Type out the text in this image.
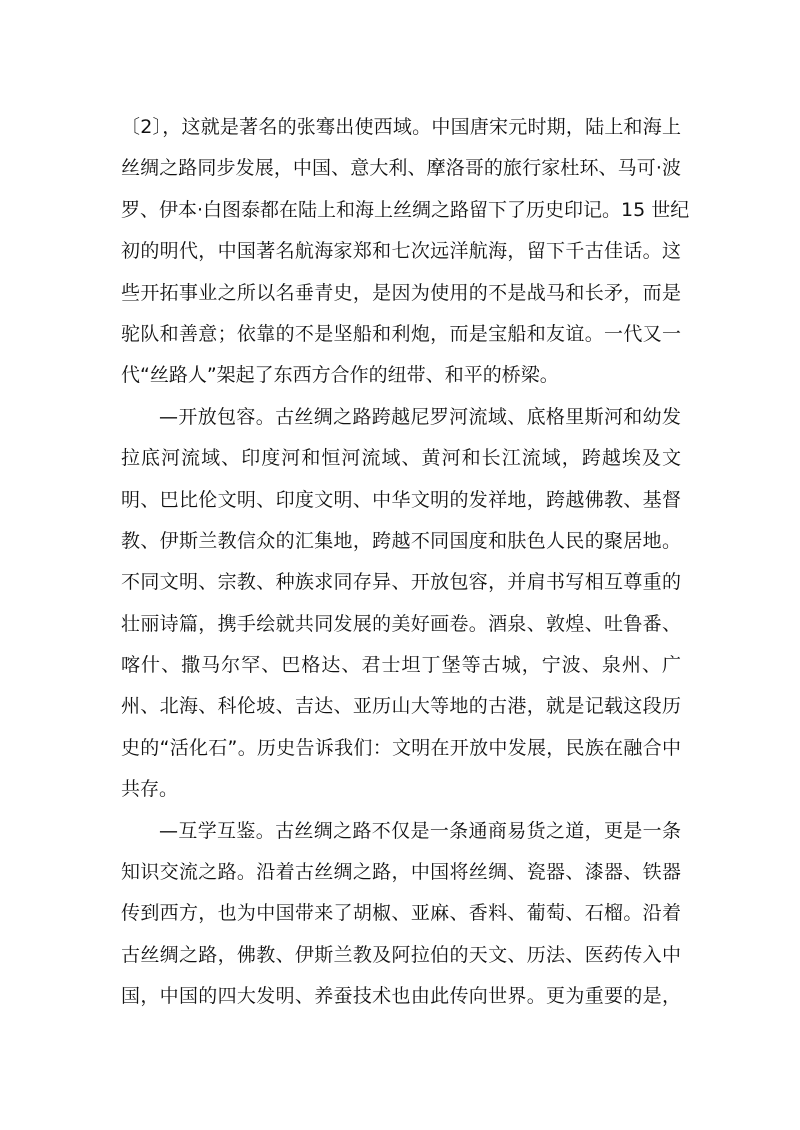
〔2〕，这就是著名的张骞出使西域。中国唐宋元时期，陆上和海上
丝绸之路同步发展，中国、意大利、摩洛哥的旅行家杜环、马可·波
罗、伊本·白图泰都在陆上和海上丝绸之路留下了历史印记。15 世纪
初的明代，中国著名航海家郑和七次远洋航海，留下千古佳话。这
些开拓事业之所以名垂青史，是因为使用的不是战马和长矛，而是
驼队和善意；依靠的不是坚船和利炮，而是宝船和友谊。一代又一
代“丝路人”架起了东西方合作的纽带、和平的桥梁。
—开放包容。古丝绸之路跨越尼罗河流域、底格里斯河和幼发
拉底河流域、印度河和恒河流域、黄河和长江流域，跨越埃及文
明、巴比伦文明、印度文明、中华文明的发祥地，跨越佛教、基督
教、伊斯兰教信众的汇集地，跨越不同国度和肤色人民的聚居地。
不同文明、宗教、种族求同存异、开放包容，并肩书写相互尊重的
壮丽诗篇，携手绘就共同发展的美好画卷。酒泉、敦煌、吐鲁番、
喀什、撒马尔罕、巴格达、君士坦丁堡等古城，宁波、泉州、广
州、北海、科伦坡、吉达、亚历山大等地的古港，就是记载这段历
史的“活化石”。历史告诉我们：文明在开放中发展，民族在融合中
共存。
—互学互鉴。古丝绸之路不仅是一条通商易货之道，更是一条
知识交流之路。沿着古丝绸之路，中国将丝绸、瓷器、漆器、铁器
传到西方，也为中国带来了胡椒、亚麻、香料、葡萄、石榴。沿着
古丝绸之路，佛教、伊斯兰教及阿拉伯的天文、历法、医药传入中
国，中国的四大发明、养蚕技术也由此传向世界。更为重要的是，
